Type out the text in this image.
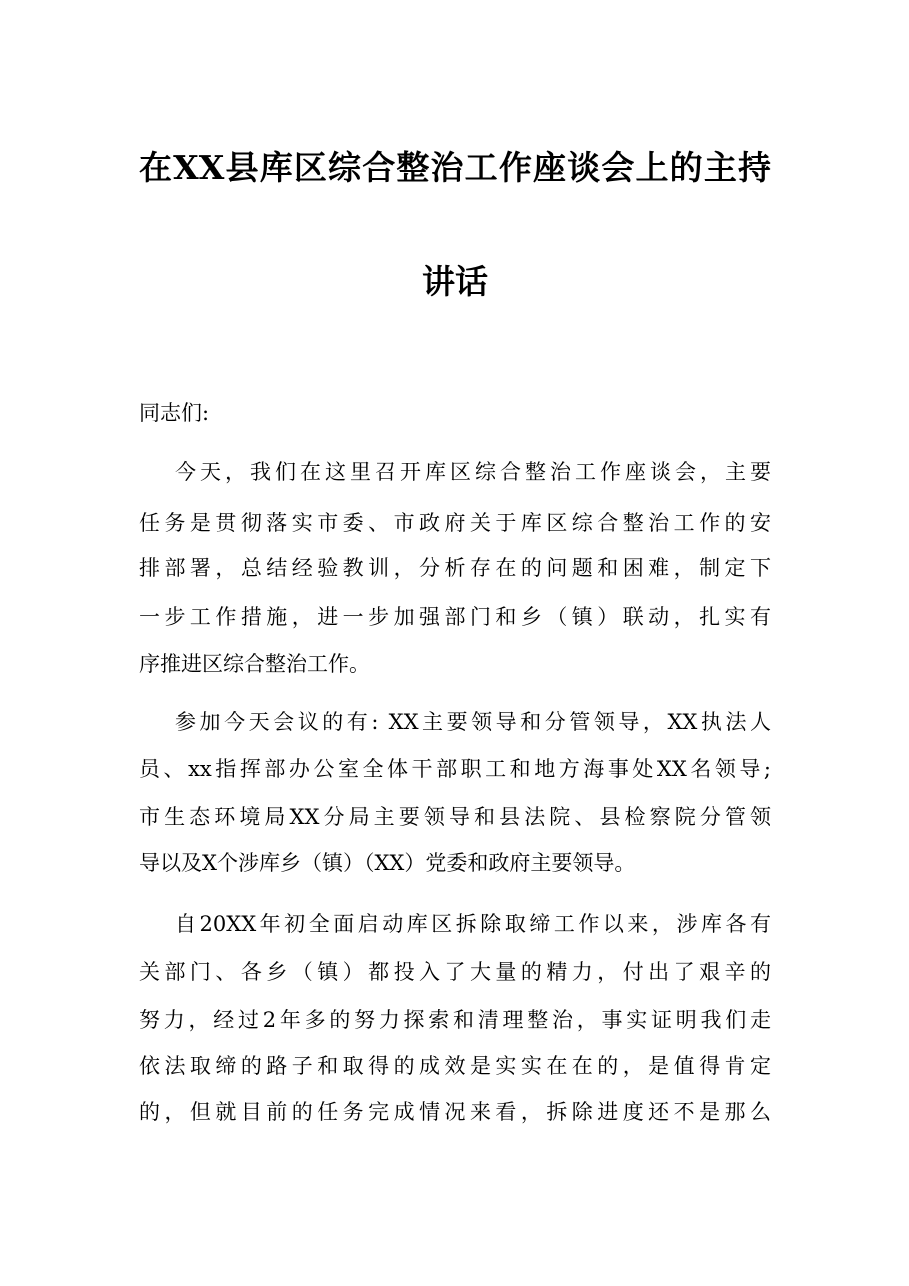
在XX县库区综合整治工作座谈会上的主持
讲话
同志们:
今天，我们在这里召开库区综合整治工作座谈会，主要
任务是贯彻落实市委、市政府关于库区综合整治工作的安
排部署，总结经验教训，分析存在的问题和困难，制定下
一步工作措施，进一步加强部门和乡（镇）联动，扎实有
序推进区综合整治工作。
参加今天会议的有: XX主要领导和分管领导，XX执法人
员、xx指挥部办公室全体干部职工和地方海事处XX名领导;
市生态环境局XX分局主要领导和县法院、县检察院分管领
导以及X个涉库乡（镇）（XX）党委和政府主要领导。
自20XX年初全面启动库区拆除取缔工作以来，涉库各有
关部门、各乡（镇）都投入了大量的精力，付出了艰辛的
努力，经过2年多的努力探索和清理整治，事实证明我们走
依法取缔的路子和取得的成效是实实在在的，是值得肯定
的，但就目前的任务完成情况来看，拆除进度还不是那么
